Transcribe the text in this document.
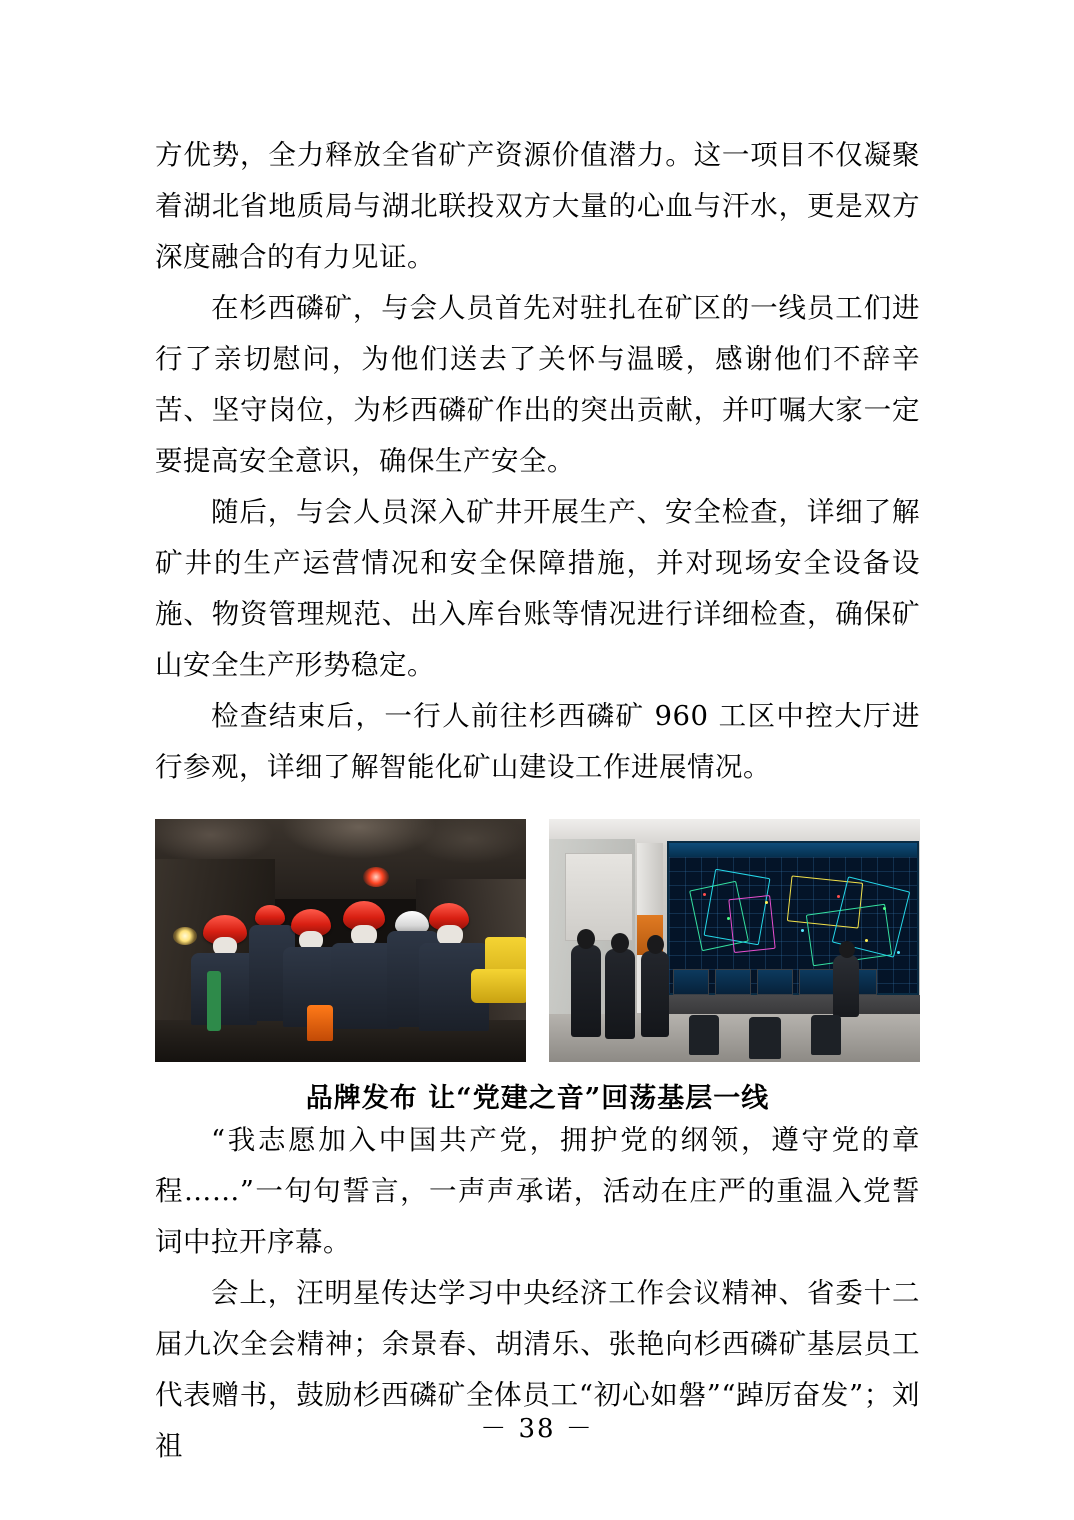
方优势，全力释放全省矿产资源价值潜力。这一项目不仅凝聚着湖北省地质局与湖北联投双方大量的心血与汗水，更是双方深度融合的有力见证。

在杉西磷矿，与会人员首先对驻扎在矿区的一线员工们进行了亲切慰问，为他们送去了关怀与温暖，感谢他们不辞辛苦、坚守岗位，为杉西磷矿作出的突出贡献，并叮嘱大家一定要提高安全意识，确保生产安全。

随后，与会人员深入矿井开展生产、安全检查，详细了解矿井的生产运营情况和安全保障措施，并对现场安全设备设施、物资管理规范、出入库台账等情况进行详细检查，确保矿山安全生产形势稳定。

检查结束后，一行人前往杉西磷矿 960 工区中控大厅进行参观，详细了解智能化矿山建设工作进展情况。

品牌发布 让“党建之音”回荡基层一线

“我志愿加入中国共产党，拥护党的纲领，遵守党的章程……”一句句誓言，一声声承诺，活动在庄严的重温入党誓词中拉开序幕。

会上，汪明星传达学习中央经济工作会议精神、省委十二届九次全会精神；余景春、胡清乐、张艳向杉西磷矿基层员工代表赠书，鼓励杉西磷矿全体员工“初心如磐”“踔厉奋发”；刘祖

－ 38 －
